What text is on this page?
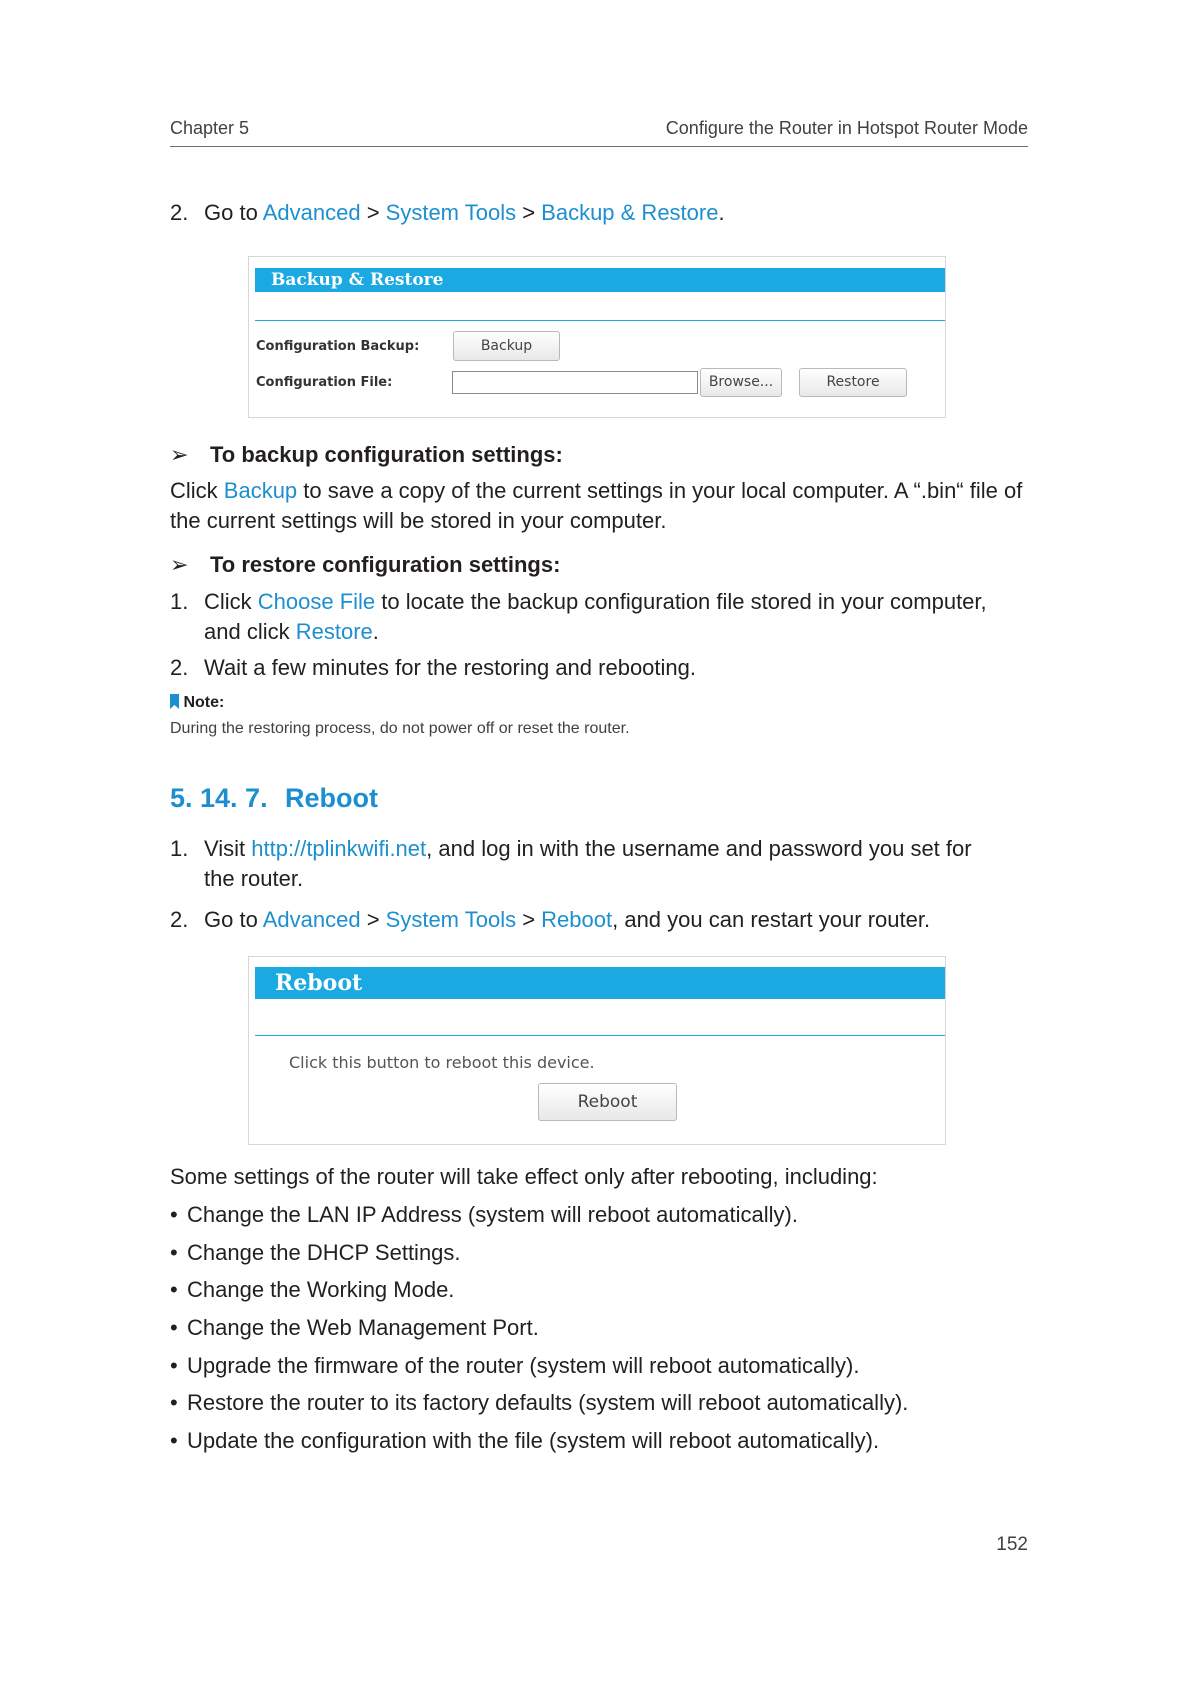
Chapter 5	Configure the Router in Hotspot Router Mode
2. Go to Advanced > System Tools > Backup & Restore.
Backup & Restore
Configuration Backup:	Backup
Configuration File:	Browse...	Restore
➢ To backup configuration settings:
Click Backup to save a copy of the current settings in your local computer. A “.bin“ file of
the current settings will be stored in your computer.
➢ To restore configuration settings:
1. Click Choose File to locate the backup configuration file stored in your computer,
and click Restore.
2. Wait a few minutes for the restoring and rebooting.
Note:
During the restoring process, do not power off or reset the router.
5. 14. 7. Reboot
1. Visit http://tplinkwifi.net, and log in with the username and password you set for
the router.
2. Go to Advanced > System Tools > Reboot, and you can restart your router.
Reboot
Click this button to reboot this device.
Reboot
Some settings of the router will take effect only after rebooting, including:
• Change the LAN IP Address (system will reboot automatically).
• Change the DHCP Settings.
• Change the Working Mode.
• Change the Web Management Port.
• Upgrade the firmware of the router (system will reboot automatically).
• Restore the router to its factory defaults (system will reboot automatically).
• Update the configuration with the file (system will reboot automatically).
152
